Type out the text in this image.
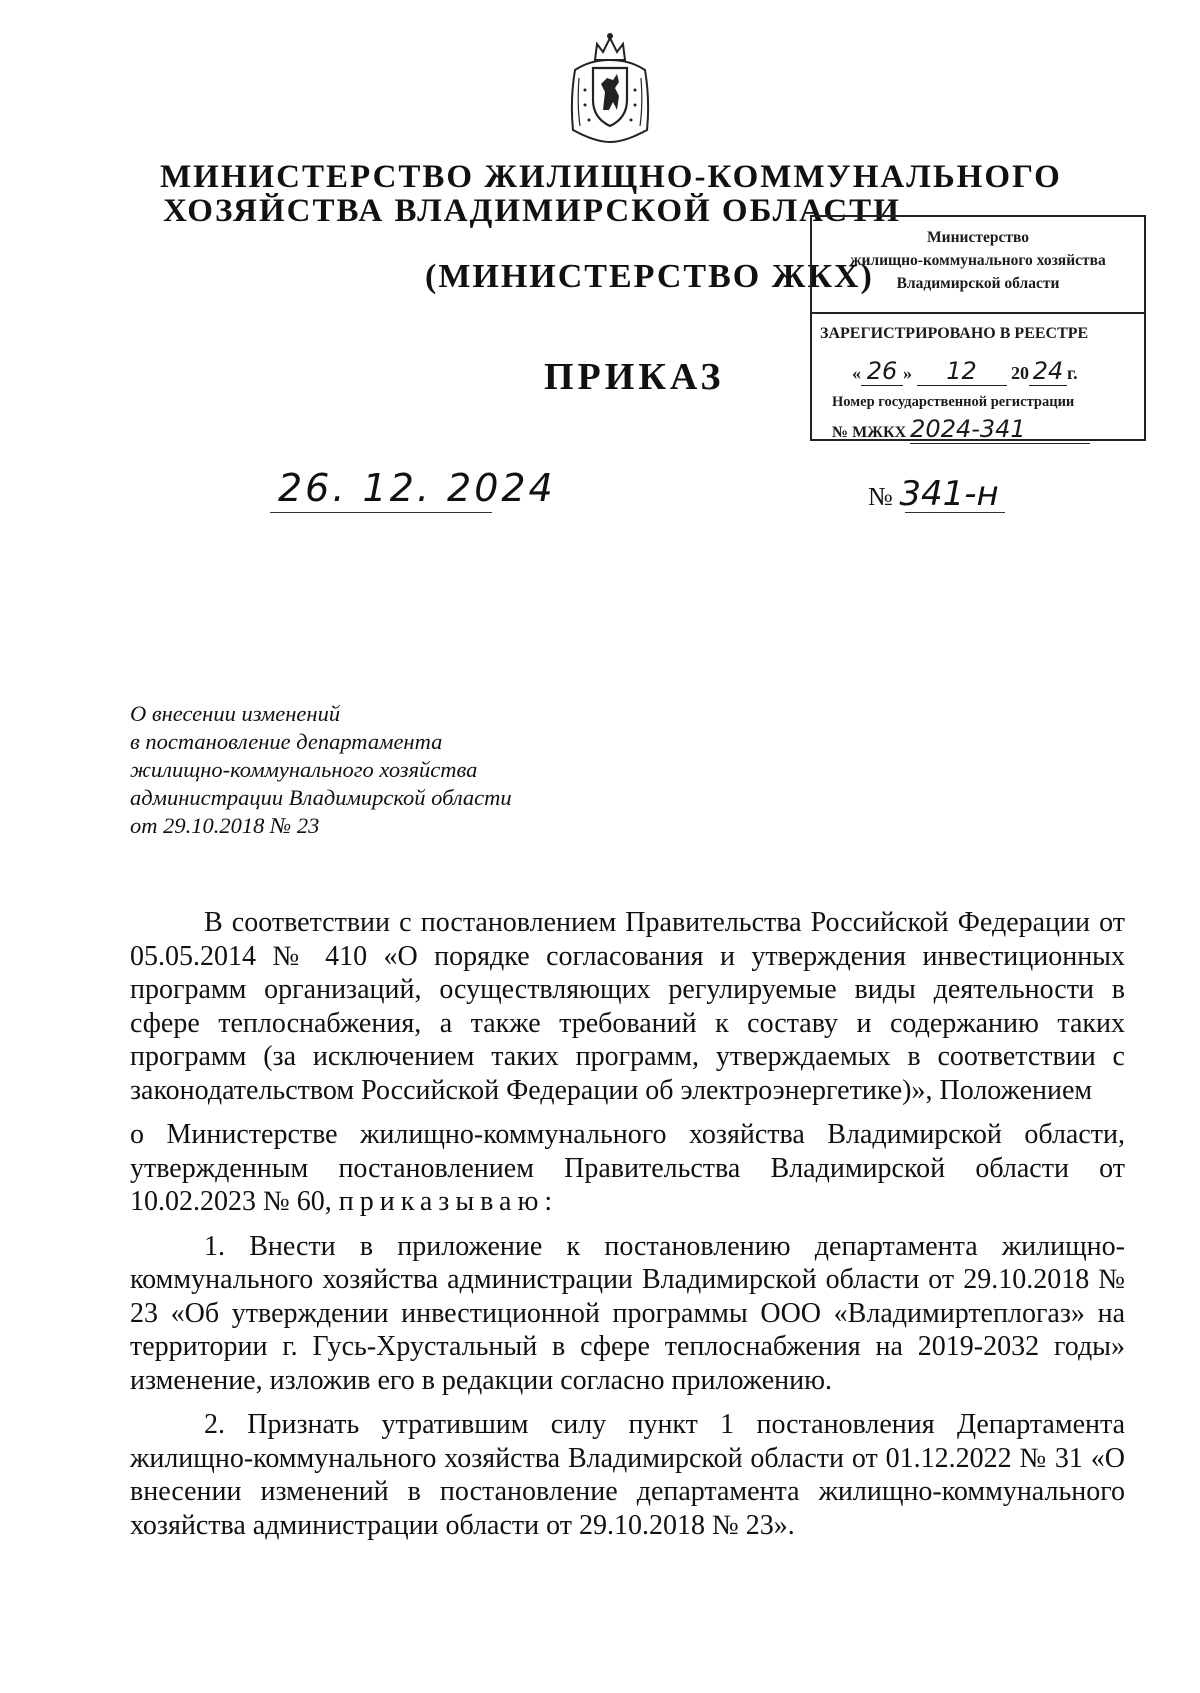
МИНИСТЕРСТВО ЖИЛИЩНО-КОММУНАЛЬНОГО
ХОЗЯЙСТВА ВЛАДИМИРСКОЙ ОБЛАСТИ
(МИНИСТЕРСТВО ЖКХ)
ПРИКАЗ
Министерство
жилищно-коммунального хозяйства
Владимирской области
ЗАРЕГИСТРИРОВАНО В РЕЕСТРЕ
« 26 » 12 20 24 г.
Номер государственной регистрации
№ МЖКХ 2024-341
26. 12. 2024	№ 341-н
О внесении изменений
в постановление департамента
жилищно-коммунального хозяйства
администрации Владимирской области
от 29.10.2018 № 23

В соответствии с постановлением Правительства Российской Федерации от 05.05.2014 № 410 «О порядке согласования и утверждения инвестиционных программ организаций, осуществляющих регулируемые виды деятельности в сфере теплоснабжения, а также требований к составу и содержанию таких программ (за исключением таких программ, утверждаемых в соответствии с законодательством Российской Федерации об электроэнергетике)», Положением

о Министерстве жилищно-коммунального хозяйства Владимирской области, утвержденным постановлением Правительства Владимирской области от 10.02.2023 № 60, приказываю:

1. Внести в приложение к постановлению департамента жилищно-коммунального хозяйства администрации Владимирской области от 29.10.2018 № 23 «Об утверждении инвестиционной программы ООО «Владимиртеплогаз» на территории г. Гусь-Хрустальный в сфере теплоснабжения на 2019-2032 годы» изменение, изложив его в редакции согласно приложению.

2. Признать утратившим силу пункт 1 постановления Департамента жилищно-коммунального хозяйства Владимирской области от 01.12.2022 № 31 «О внесении изменений в постановление департамента жилищно-коммунального хозяйства администрации области от 29.10.2018 № 23».
